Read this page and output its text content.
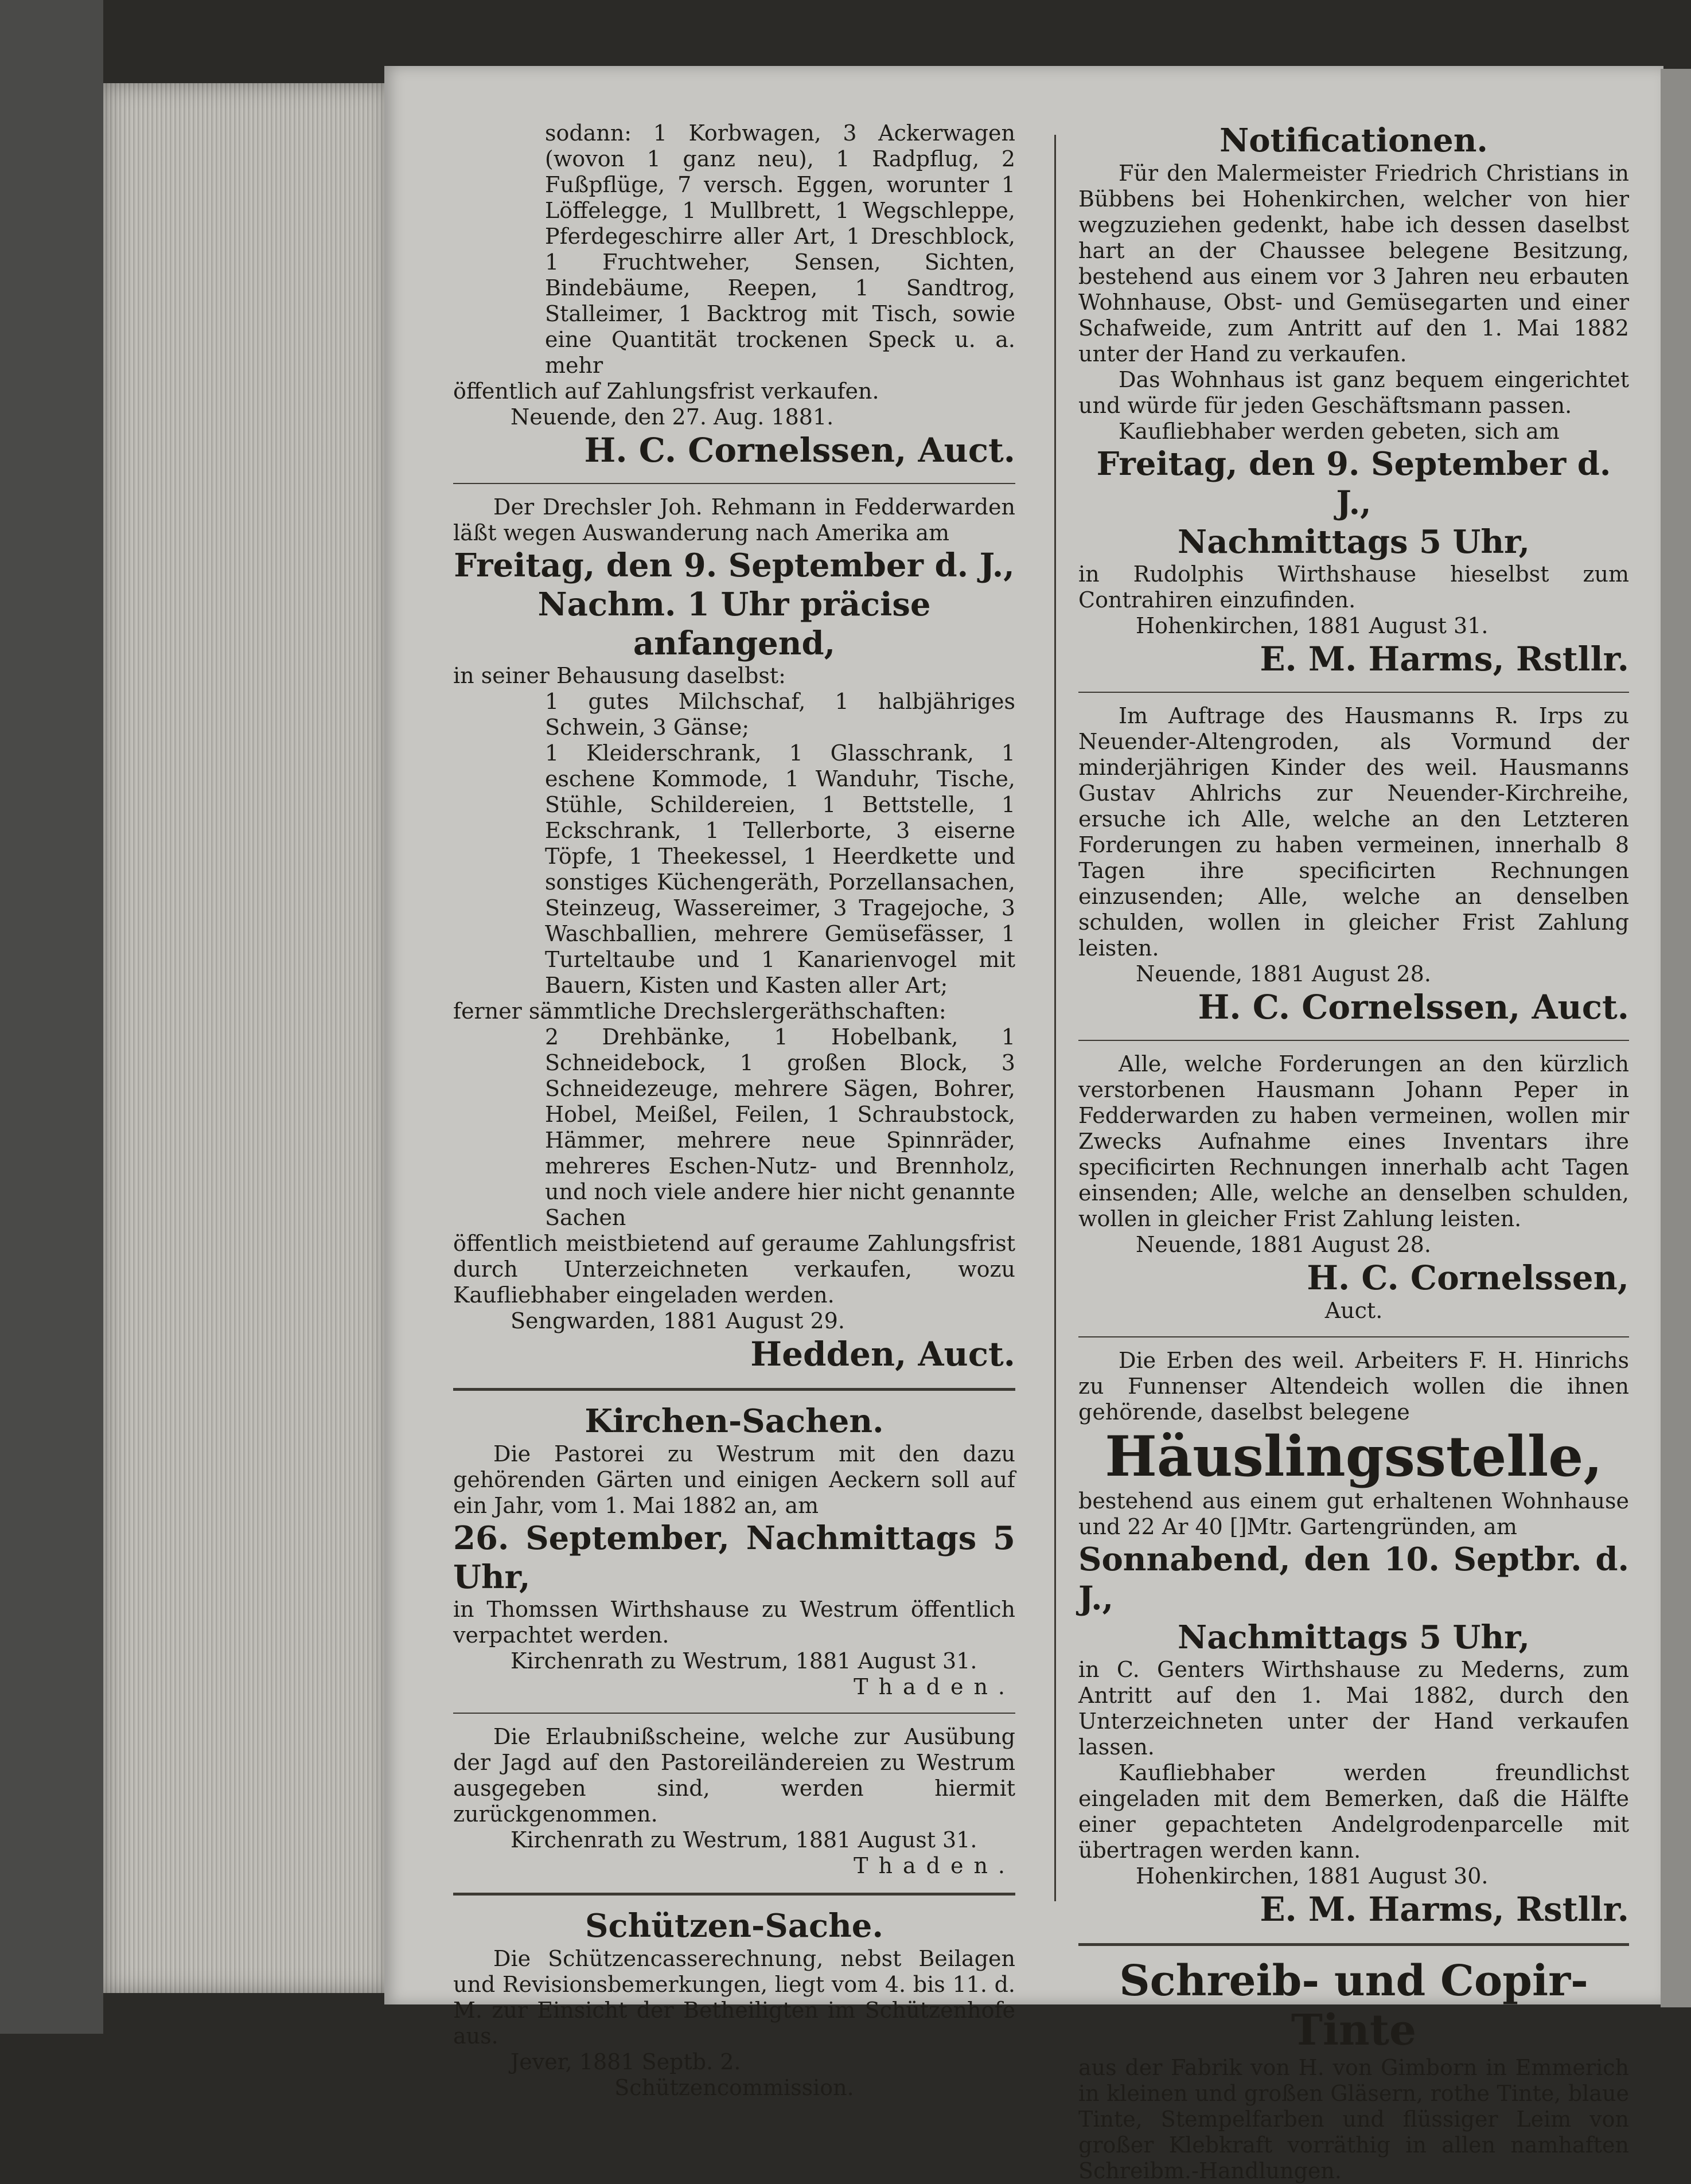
sodann: 1 Korbwagen, 3 Ackerwagen (wovon 1 ganz neu), 1 Radpflug, 2 Fußpflüge, 7 versch. Eggen, worunter 1 Löffelegge, 1 Mullbrett, 1 Wegschleppe, Pferdegeschirre aller Art, 1 Dreschblock, 1 Fruchtweher, Sensen, Sichten, Bindebäume, Reepen, 1 Sandtrog, Stalleimer, 1 Backtrog mit Tisch, sowie eine Quantität trockenen Speck u. a. mehr

öffentlich auf Zahlungsfrist verkaufen.

Neuende, den 27. Aug. 1881.

H. C. Cornelssen, Auct.

Der Drechsler Joh. Rehmann in Fedderwarden läßt wegen Auswanderung nach Amerika am

Freitag, den 9. September d. J.,

Nachm. 1 Uhr präcise anfangend,

in seiner Behausung daselbst:

1 gutes Milchschaf, 1 halbjähriges Schwein, 3 Gänse;

1 Kleiderschrank, 1 Glasschrank, 1 eschene Kommode, 1 Wanduhr, Tische, Stühle, Schildereien, 1 Bettstelle, 1 Eckschrank, 1 Tellerborte, 3 eiserne Töpfe, 1 Theekessel, 1 Heerdkette und sonstiges Küchengeräth, Porzellansachen, Steinzeug, Wassereimer, 3 Tragejoche, 3 Waschballien, mehrere Gemüsefässer, 1 Turteltaube und 1 Kanarienvogel mit Bauern, Kisten und Kasten aller Art;

ferner sämmtliche Drechslergeräthschaften:

2 Drehbänke, 1 Hobelbank, 1 Schneidebock, 1 großen Block, 3 Schneidezeuge, mehrere Sägen, Bohrer, Hobel, Meißel, Feilen, 1 Schraubstock, Hämmer, mehrere neue Spinnräder, mehreres Eschen-Nutz- und Brennholz, und noch viele andere hier nicht genannte Sachen

öffentlich meistbietend auf geraume Zahlungsfrist durch Unterzeichneten verkaufen, wozu Kaufliebhaber eingeladen werden.

Sengwarden, 1881 August 29.

Hedden, Auct.

Kirchen-Sachen.

Die Pastorei zu Westrum mit den dazu gehörenden Gärten und einigen Aeckern soll auf ein Jahr, vom 1. Mai 1882 an, am

26. September, Nachmittags 5 Uhr,

in Thomssen Wirthshause zu Westrum öffentlich verpachtet werden.

Kirchenrath zu Westrum, 1881 August 31.

Thaden.

Die Erlaubnißscheine, welche zur Ausübung der Jagd auf den Pastoreiländereien zu Westrum ausgegeben sind, werden hiermit zurückgenommen.

Kirchenrath zu Westrum, 1881 August 31.

Thaden.

Schützen-Sache.

Die Schützencasserechnung, nebst Beilagen und Revisionsbemerkungen, liegt vom 4. bis 11. d. M. zur Einsicht der Betheiligten im Schützenhofe aus.

Jever, 1881 Septb. 2.

Schützencommission.

Notificationen.

Für den Malermeister Friedrich Christians in Bübbens bei Hohenkirchen, welcher von hier wegzuziehen gedenkt, habe ich dessen daselbst hart an der Chaussee belegene Besitzung, bestehend aus einem vor 3 Jahren neu erbauten Wohnhause, Obst- und Gemüsegarten und einer Schafweide, zum Antritt auf den 1. Mai 1882 unter der Hand zu verkaufen.

Das Wohnhaus ist ganz bequem eingerichtet und würde für jeden Geschäftsmann passen.

Kaufliebhaber werden gebeten, sich am

Freitag, den 9. September d. J.,

Nachmittags 5 Uhr,

in Rudolphis Wirthshause hieselbst zum Contrahiren einzufinden.

Hohenkirchen, 1881 August 31.

E. M. Harms, Rstllr.

Im Auftrage des Hausmanns R. Irps zu Neuender-Altengroden, als Vormund der minderjährigen Kinder des weil. Hausmanns Gustav Ahlrichs zur Neuender-Kirchreihe, ersuche ich Alle, welche an den Letzteren Forderungen zu haben vermeinen, innerhalb 8 Tagen ihre specificirten Rechnungen einzusenden; Alle, welche an denselben schulden, wollen in gleicher Frist Zahlung leisten.

Neuende, 1881 August 28.

H. C. Cornelssen, Auct.

Alle, welche Forderungen an den kürzlich verstorbenen Hausmann Johann Peper in Fedderwarden zu haben vermeinen, wollen mir Zwecks Aufnahme eines Inventars ihre specificirten Rechnungen innerhalb acht Tagen einsenden; Alle, welche an denselben schulden, wollen in gleicher Frist Zahlung leisten.

Neuende, 1881 August 28.

H. C. Cornelssen,

Auct.

Die Erben des weil. Arbeiters F. H. Hinrichs zu Funnenser Altendeich wollen die ihnen gehörende, daselbst belegene

Häuslingsstelle,

bestehend aus einem gut erhaltenen Wohnhause und 22 Ar 40 []Mtr. Gartengründen, am

Sonnabend, den 10. Septbr. d. J.,

Nachmittags 5 Uhr,

in C. Genters Wirthshause zu Mederns, zum Antritt auf den 1. Mai 1882, durch den Unterzeichneten unter der Hand verkaufen lassen.

Kaufliebhaber werden freundlichst eingeladen mit dem Bemerken, daß die Hälfte einer gepachteten Andelgrodenparcelle mit übertragen werden kann.

Hohenkirchen, 1881 August 30.

E. M. Harms, Rstllr.

Schreib- und Copir-Tinte

aus der Fabrik von H. von Gimborn in Emmerich in kleinen und großen Gläsern, rothe Tinte, blaue Tinte, Stempelfarben und flüssiger Leim von großer Klebkraft vorräthig in allen namhaften Schreibm.-Handlungen.
